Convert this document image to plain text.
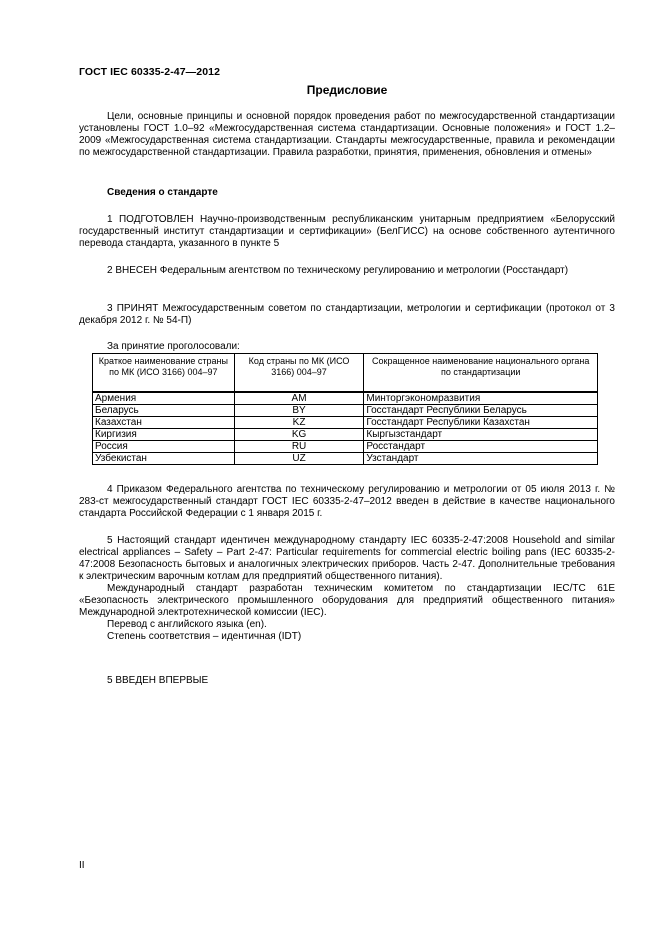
ГОСТ IEC 60335-2-47—2012
Предисловие
Цели, основные принципы и основной порядок проведения работ по межгосударственной стандартизации установлены ГОСТ 1.0–92 «Межгосударственная система стандартизации. Основные положения» и ГОСТ 1.2–2009 «Межгосударственная система стандартизации. Стандарты межгосударственные, правила и рекомендации по межгосударственной стандартизации. Правила разработки, принятия, применения, обновления и отмены»
Сведения о стандарте
1 ПОДГОТОВЛЕН Научно-производственным республиканским унитарным предприятием «Белорусский государственный институт стандартизации и сертификации» (БелГИСС) на основе собственного аутентичного перевода стандарта, указанного в пункте 5
2 ВНЕСЕН Федеральным агентством по техническому регулированию и метрологии (Росстандарт)
3 ПРИНЯТ Межгосударственным советом по стандартизации, метрологии и сертификации (протокол от 3 декабря 2012 г. № 54-П)
За принятие проголосовали:
Краткое наименование страны по МК (ИСО 3166) 004–97	Код страны по МК (ИСО 3166) 004–97	Сокращенное наименование национального органа по стандартизации
Армения	AM	Минторгэкономразвития
Беларусь	BY	Госстандарт Республики Беларусь
Казахстан	KZ	Госстандарт Республики Казахстан
Киргизия	KG	Кыргызстандарт
Россия	RU	Росстандарт
Узбекистан	UZ	Узстандарт
4 Приказом Федерального агентства по техническому регулированию и метрологии от 05 июля 2013 г. № 283-ст межгосударственный стандарт ГОСТ IEC 60335-2-47–2012 введен в действие в качестве национального стандарта Российской Федерации с 1 января 2015 г.
5 Настоящий стандарт идентичен международному стандарту IEC 60335-2-47:2008 Household and similar electrical appliances – Safety – Part 2-47: Particular requirements for commercial electric boiling pans (IEC 60335-2-47:2008 Безопасность бытовых и аналогичных электрических приборов. Часть 2-47. Дополнительные требования к электрическим варочным котлам для предприятий общественного питания).
Международный стандарт разработан техническим комитетом по стандартизации IEC/TC 61E «Безопасность электрического промышленного оборудования для предприятий общественного питания» Международной электротехнической комиссии (IEC).
Перевод с английского языка (en).
Степень соответствия – идентичная (IDT)
5 ВВЕДЕН ВПЕРВЫЕ
II
